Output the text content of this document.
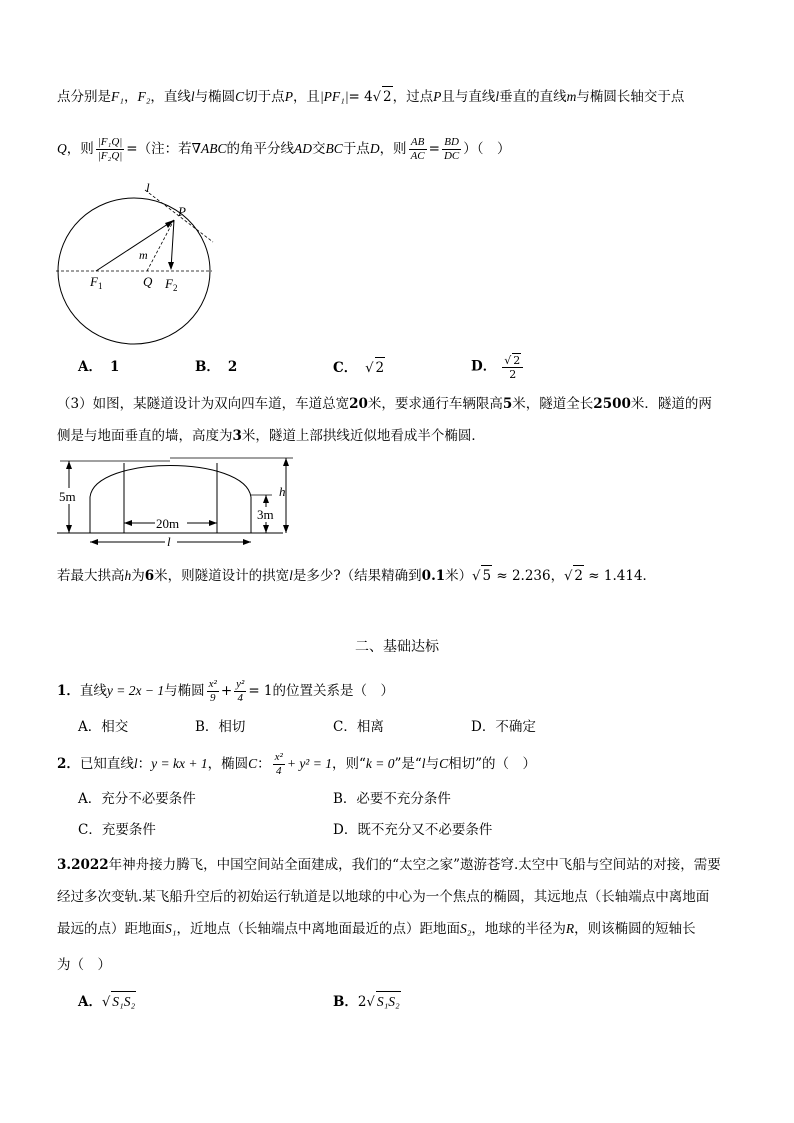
点分别是F₁，F₂，直线l与椭圆C切于点P，且|PF₁|= 4√ 2，过点P且与直线l垂直的直线m与椭圆长轴交于点
Q，则 $\frac{\text{|F₁Q|}}{\text{|F₂Q|}}$ =（注：若∇ABC的角平分线AD交BC于点D，则 $\frac{AB}{AC} = \frac{BD}{DC}$ ）（　）
l
P
m
$F_1$	Q $F_2$
A． 1	B． 2	C． √ 2	D． $\frac{√ 2}{2}$
（3）如图，某隧道设计为双向四车道，车道总宽20米，要求通行车辆限高5米，隧道全长2500米．隧道的两
侧是与地面垂直的墙，高度为3米，隧道上部拱线近似地看成半个椭圆．
5m	h
3m
20m
l
若最大拱高h为6米，则隧道设计的拱宽l是多少?（结果精确到0.1米）√ 5 ≈ 2.236，√ 2 ≈ 1.414．
二、基础达标
1．直线y = 2x − 1与椭圆 $\frac{\text{x²}}{9} + \frac{\text{y²}}{4} = 1$的位置关系是（　）
A．相交	B．相切	C．相离	D．不确定
2．已知直线l：y = kx + 1，椭圆C： $\frac{\text{x²}}{4} + y^2 = 1$，则“k = 0”是“l与C相切”的（　）
A．充分不必要条件	B．必要不充分条件
C．充要条件	D．既不充分又不必要条件
3.2022年神舟接力腾飞，中国空间站全面建成，我们的“太空之家”遨游苍穹.太空中飞船与空间站的对接，需要
经过多次变轨.某飞船升空后的初始运行轨道是以地球的中心为一个焦点的椭圆，其远地点（长轴端点中离地面
最远的点）距地面S₁，近地点（长轴端点中离地面最近的点）距地面S₂，地球的半径为R，则该椭圆的短轴长
为（　）
A．√ S₁S₂	B．2√ S₁S₂
